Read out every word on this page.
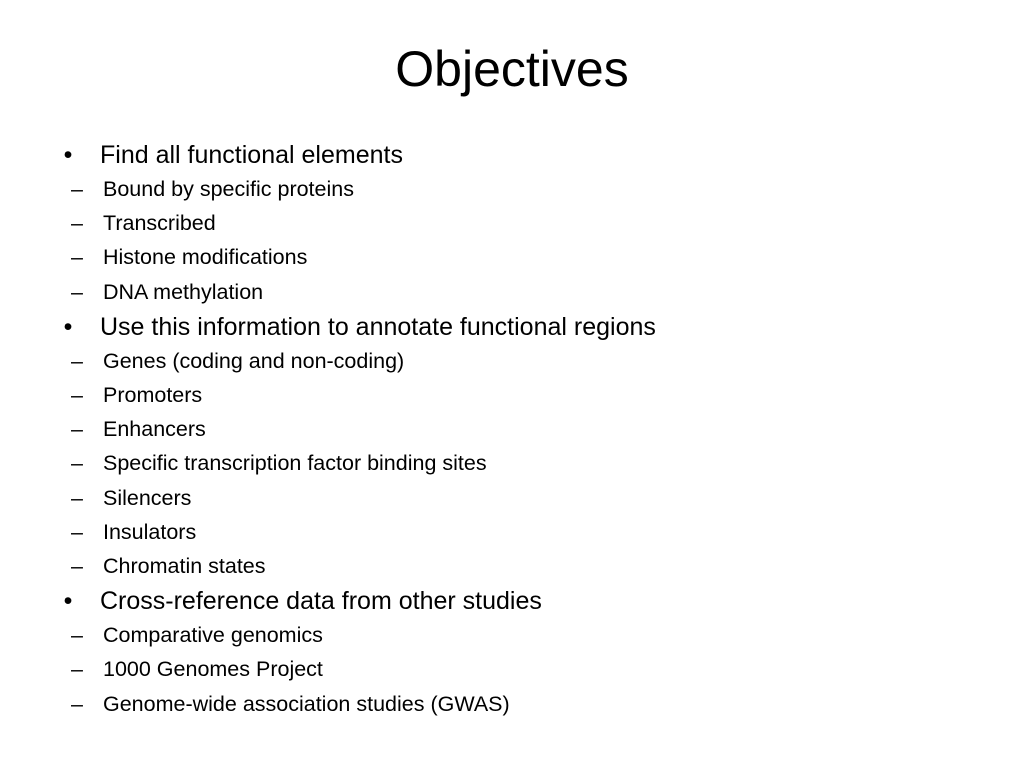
Objectives
• Find all functional elements
– Bound by specific proteins
– Transcribed
– Histone modifications
– DNA methylation
• Use this information to annotate functional regions
– Genes (coding and non-coding)
– Promoters
– Enhancers
– Specific transcription factor binding sites
– Silencers
– Insulators
– Chromatin states
• Cross-reference data from other studies
– Comparative genomics
– 1000 Genomes Project
– Genome-wide association studies (GWAS)
